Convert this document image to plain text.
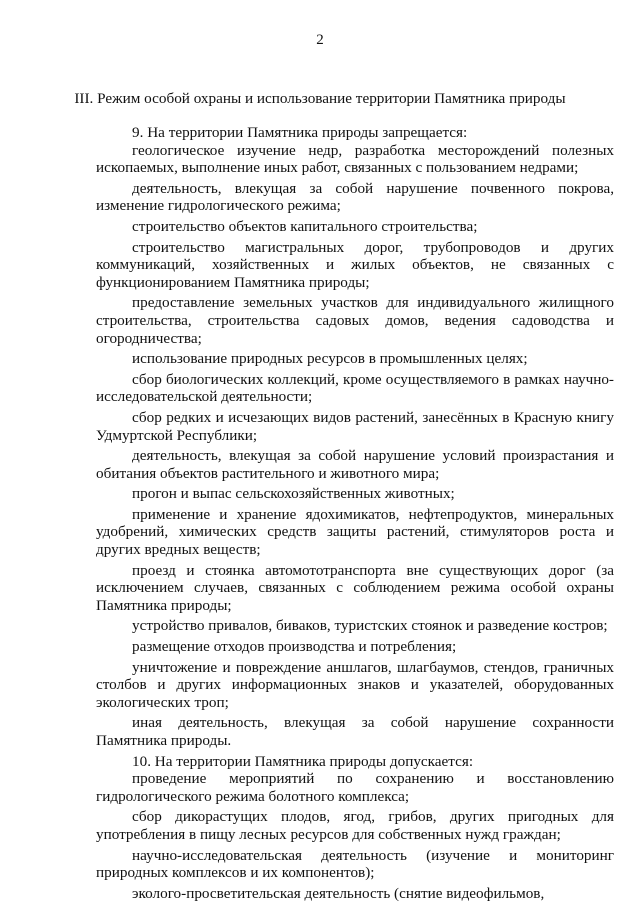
2
III. Режим особой охраны и использование территории Памятника природы

9. На территории Памятника природы запрещается:

геологическое изучение недр, разработка месторождений полезных ископаемых, выполнение иных работ, связанных с пользованием недрами;

деятельность, влекущая за собой нарушение почвенного покрова, изменение гидрологического режима;

строительство объектов капитального строительства;

строительство магистральных дорог, трубопроводов и других коммуникаций, хозяйственных и жилых объектов, не связанных с функционированием Памятника природы;

предоставление земельных участков для индивидуального жилищного строительства, строительства садовых домов, ведения садоводства и огородничества;

использование природных ресурсов в промышленных целях;

сбор биологических коллекций, кроме осуществляемого в рамках научно-исследовательской деятельности;

сбор редких и исчезающих видов растений, занесённых в Красную книгу Удмуртской Республики;

деятельность, влекущая за собой нарушение условий произрастания и обитания объектов растительного и животного мира;

прогон и выпас сельскохозяйственных животных;

применение и хранение ядохимикатов, нефтепродуктов, минеральных удобрений, химических средств защиты растений, стимуляторов роста и других вредных веществ;

проезд и стоянка автомототранспорта вне существующих дорог (за исключением случаев, связанных с соблюдением режима особой охраны Памятника природы;

устройство привалов, биваков, туристских стоянок и разведение костров;

размещение отходов производства и потребления;

уничтожение и повреждение аншлагов, шлагбаумов, стендов, граничных столбов и других информационных знаков и указателей, оборудованных экологических троп;

иная деятельность, влекущая за собой нарушение сохранности Памятника природы.

10. На территории Памятника природы допускается:

проведение мероприятий по сохранению и восстановлению гидрологического режима болотного комплекса;

сбор дикорастущих плодов, ягод, грибов, других пригодных для употребления в пищу лесных ресурсов для собственных нужд граждан;

научно-исследовательская деятельность (изучение и мониторинг природных комплексов и их компонентов);

эколого-просветительская деятельность (снятие видеофильмов,
